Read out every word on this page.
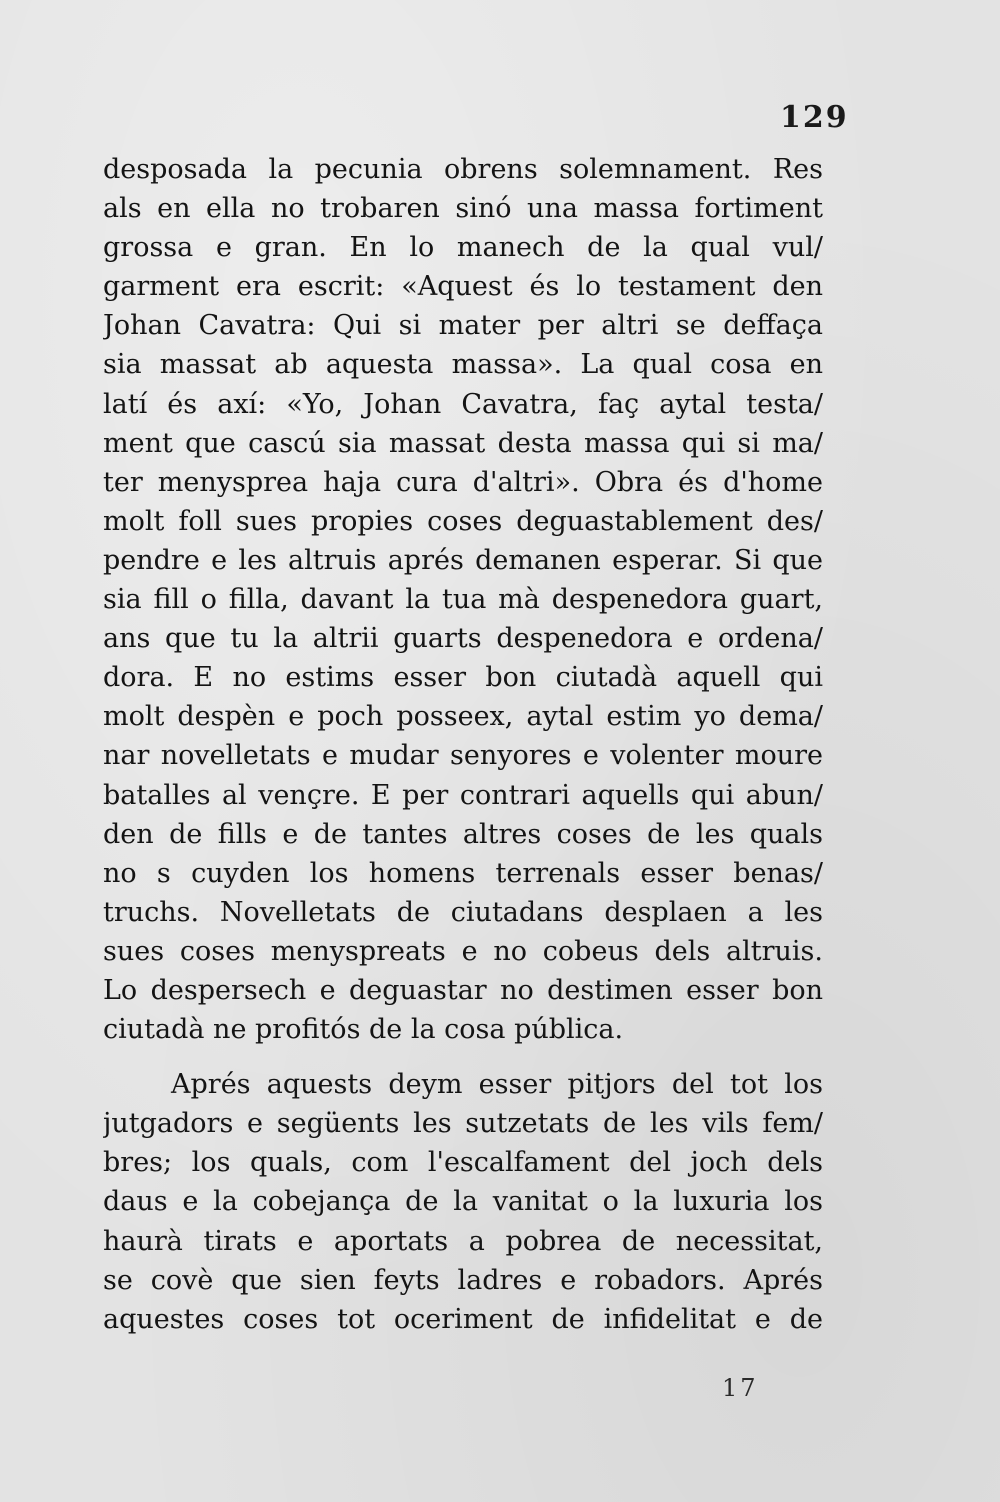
129
desposada la pecunia obrens solemnament. Res
als en ella no trobaren sinó una massa fortiment
grossa e gran. En lo manech de la qual vul/
garment era escrit: «Aquest és lo testament den
Johan Cavatra: Qui si mater per altri se deffaça
sia massat ab aquesta massa». La qual cosa en
latí és axí: «Yo, Johan Cavatra, faç aytal testa/
ment que cascú sia massat desta massa qui si ma/
ter menysprea haja cura d'altri». Obra és d'home
molt foll sues propies coses deguastablement des/
pendre e les altruis aprés demanen esperar. Si que
sia fill o filla, davant la tua mà despenedora guart,
ans que tu la altrii guarts despenedora e ordena/
dora. E no estims esser bon ciutadà aquell qui
molt despèn e poch posseex, aytal estim yo dema/
nar novelletats e mudar senyores e volenter moure
batalles al vençre. E per contrari aquells qui abun/
den de fills e de tantes altres coses de les quals
no s cuyden los homens terrenals esser benas/
truchs. Novelletats de ciutadans desplaen a les
sues coses menyspreats e no cobeus dels altruis.
Lo despersech e deguastar no destimen esser bon
ciutadà ne profitós de la cosa pública.
Aprés aquests deym esser pitjors del tot los
jutgadors e següents les sutzetats de les vils fem/
bres; los quals, com l'escalfament del joch dels
daus e la cobejança de la vanitat o la luxuria los
haurà tirats e aportats a pobrea de necessitat,
se covè que sien feyts ladres e robadors. Aprés
aquestes coses tot oceriment de infidelitat e de
17
